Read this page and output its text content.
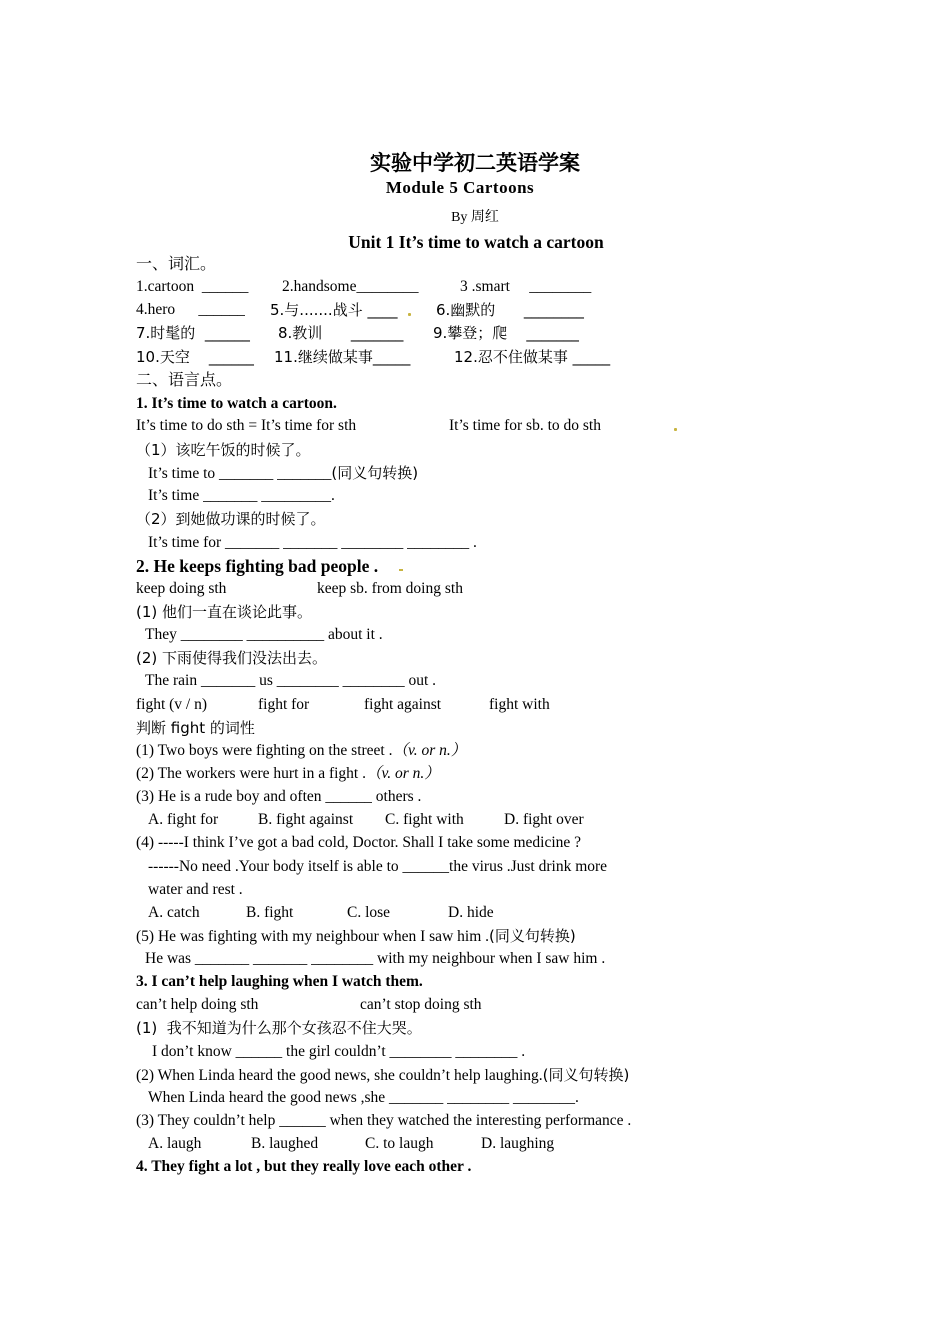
实验中学初二英语学案
Module 5 Cartoons
By 周红
Unit 1 It’s time to watch a cartoon
一、词汇。
1.cartoon  ______ 2.handsome________	3 .smart     ________
4.hero      ______ 5.与.......战斗 ____	6.幽默的      ________
7.时髦的  ______ 8.教训      _______ 9.攀登；爬    _______
10.天空    ______ 11.继续做某事_____	12.忍不住做某事 _____
二、语言点。
1. It’s time to watch a cartoon.
It’s time to do sth = It’s time for sth	It’s time for sb. to do sth
（1）该吃午饭的时候了。
It’s time to _______ _______(同义句转换)
It’s time _______ _________.
（2）到她做功课的时候了。
It’s time for _______ _______ ________ ________ .
2. He keeps fighting bad people .
keep doing sth	keep sb. from doing sth
(1) 他们一直在谈论此事。
They ________ __________ about it .
(2) 下雨使得我们没法出去。
The rain _______ us ________ ________ out .
fight (v / n)	fight for	fight against	fight with
判断 fight 的词性
(1) Two boys were fighting on the street .（v. or n.）
(2) The workers were hurt in a fight .（v. or n.）
(3) He is a rude boy and often ______ others .
A. fight for	B. fight against C. fight with	D. fight over
(4) -----I think I’ve got a bad cold, Doctor. Shall I take some medicine ?
------No need .Your body itself is able to ______the virus .Just drink more
water and rest .
A. catch	B. fight	C. lose	D. hide
(5) He was fighting with my neighbour when I saw him .(同义句转换)
He was _______ _______ ________ with my neighbour when I saw him .
3. I can’t help laughing when I watch them.
can’t help doing sth	can’t stop doing sth
(1)  我不知道为什么那个女孩忍不住大哭。
I don’t know ______ the girl couldn’t ________ ________ .
(2) When Linda heard the good news, she couldn’t help laughing.(同义句转换)
When Linda heard the good news ,she _______ ________ ________.
(3) They couldn’t help ______ when they watched the interesting performance .
A. laugh	B. laughed	C. to laugh	D. laughing
4. They fight a lot , but they really love each other .
